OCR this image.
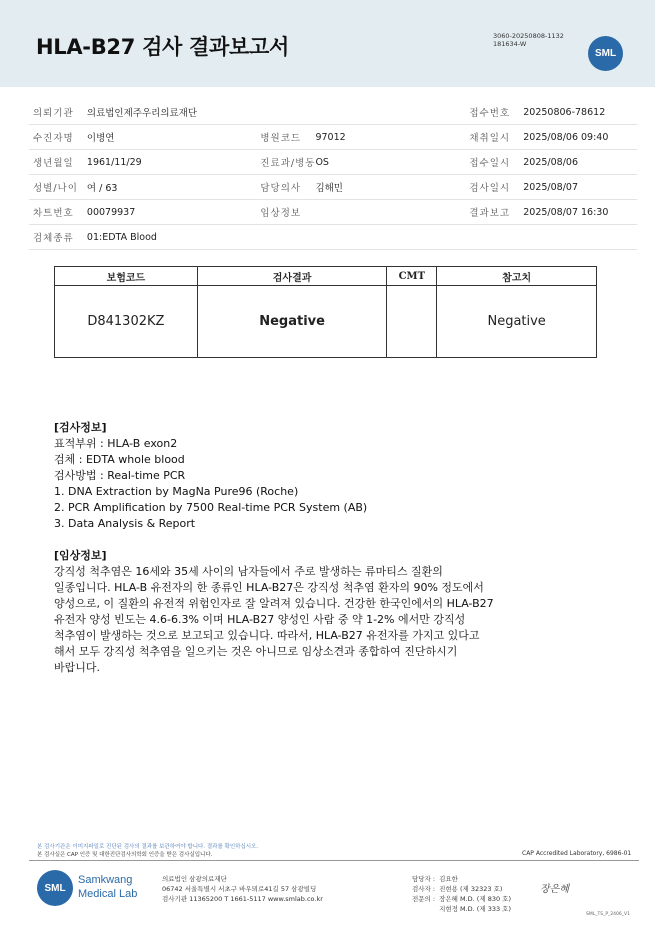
HLA-B27 검사 결과보고서	3060-20250808-1132
181634-W
SML
의뢰기관	의료법인제주우리의료재단			접수번호	20250806-78612
수진자명	이병연	병원코드	97012	채취일시	2025/08/06 09:40
생년월일	1961/11/29	진료과/병동	OS	접수일시	2025/08/06
성별/나이	여 / 63	담당의사	김해민	검사일시	2025/08/07
차트번호	00079937	임상정보		결과보고	2025/08/07 16:30
검체종류	01:EDTA Blood				
보험코드	검사결과	CMT	참고치
D841302KZ	Negative		Negative
[검사정보]
표적부위 : HLA-B exon2
검체 : EDTA whole blood
검사방법 : Real-time PCR
1. DNA Extraction by MagNa Pure96 (Roche)
2. PCR Amplification by 7500 Real-time PCR System (AB)
3. Data Analysis & Report
[임상정보]
강직성 척추염은 16세와 35세 사이의 남자들에서 주로 발생하는 류마티스 질환의
일종입니다. HLA-B 유전자의 한 종류인 HLA-B27은 강직성 척추염 환자의 90% 정도에서
양성으로, 이 질환의 유전적 위험인자로 잘 알려져 있습니다. 건강한 한국인에서의 HLA-B27
유전자 양성 빈도는 4.6-6.3% 이며 HLA-B27 양성인 사람 중 약 1-2% 에서만 강직성
척추염이 발생하는 것으로 보고되고 있습니다. 따라서, HLA-B27 유전자를 가지고 있다고
해서 모두 강직성 척추염을 일으키는 것은 아니므로 임상소견과 종합하여 진단하시기
바랍니다.
본 검사기관은 이미지파일로 진단된 검사의 결과를 보관하여야 합니다. 결과를 확인하십시오.
본 검사실은 CAP 인증 및 대한진단검사의학회 인증을 받은 검사실입니다.	CAP Accredited Laboratory, 6986-01
SML
Samkwang
Medical Lab
의료법인 삼광의료재단
06742 서울특별시 서초구 바우뫼로41길 57 삼광빌딩
검사기관 11365200 T 1661-5117 www.smlab.co.kr
담당자 :	김요한
검사자 :	진현용 (제 32323 호)
전문의 :	장은혜 M.D. (제 830 호)
	지현정 M.D. (제 333 호)
장은혜
SML_TS_P_2406_V1
